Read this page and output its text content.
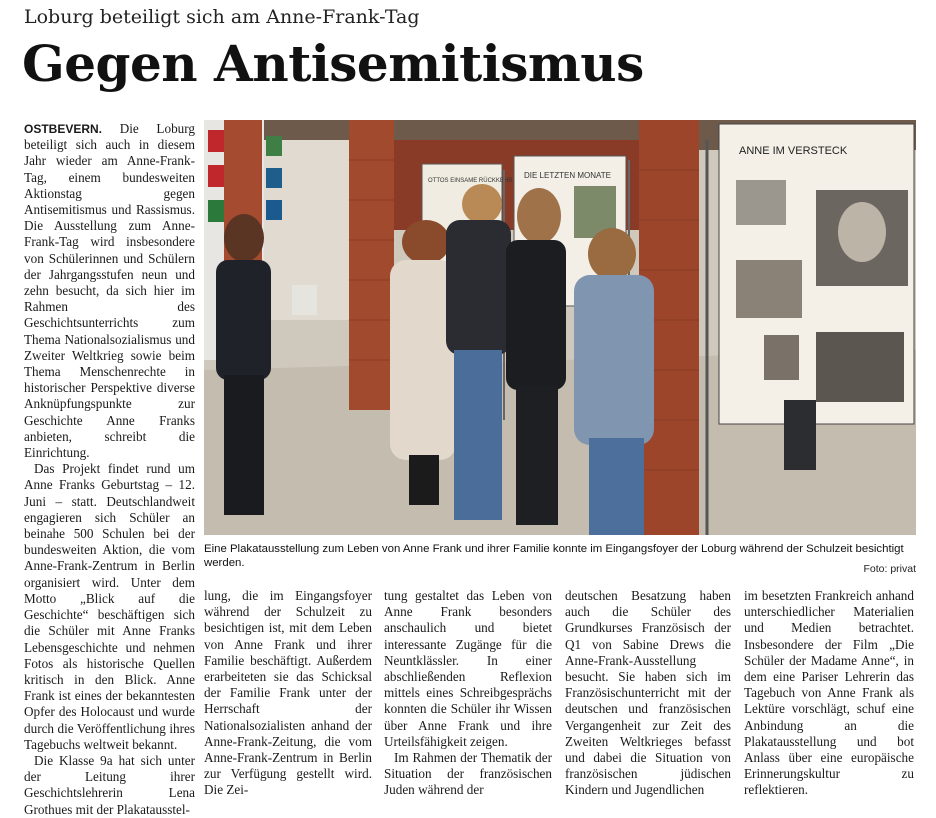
Loburg beteiligt sich am Anne-Frank-Tag
Gegen Antisemitismus

OSTBEVERN. Die Loburg beteiligt sich auch in diesem Jahr wieder am Anne-Frank-Tag, einem bundesweiten Aktionstag gegen Antisemitismus und Rassismus. Die Ausstellung zum Anne-Frank-Tag wird insbesondere von Schülerinnen und Schülern der Jahrgangsstufen neun und zehn besucht, da sich hier im Rahmen des Geschichtsunterrichts zum Thema Nationalsozialismus und Zweiter Weltkrieg sowie beim Thema Menschenrechte in historischer Perspektive diverse Anknüpfungspunkte zur Geschichte Anne Franks anbieten, schreibt die Einrichtung.

Das Projekt findet rund um Anne Franks Geburtstag – 12. Juni – statt. Deutschlandweit engagieren sich Schüler an beinahe 500 Schulen bei der bundesweiten Aktion, die vom Anne-Frank-Zentrum in Berlin organisiert wird. Unter dem Motto „Blick auf die Geschichte“ beschäftigen sich die Schüler mit Anne Franks Lebensgeschichte und nehmen Fotos als historische Quellen kritisch in den Blick. Anne Frank ist eines der bekanntesten Opfer des Holocaust und wurde durch die Veröffentlichung ihres Tagebuchs weltweit bekannt.

Die Klasse 9a hat sich unter der Leitung ihrer Geschichtslehrerin Lena Grothues mit der Plakatausstel-

OTTOS EINSAME RÜCKKEHR
DIE LETZTEN MONATE
ANNE IM VERSTECK
Eine Plakatausstellung zum Leben von Anne Frank und ihrer Familie konnte im Eingangsfoyer der Loburg während der Schulzeit besichtigt werden.
Foto: privat

lung, die im Eingangsfoyer während der Schulzeit zu besichtigen ist, mit dem Leben von Anne Frank und ihrer Familie beschäftigt. Außerdem erarbeiteten sie das Schicksal der Familie Frank unter der Herrschaft der Nationalsozialisten anhand der Anne-Frank-Zeitung, die vom Anne-Frank-Zentrum in Berlin zur Verfügung gestellt wird. Die Zei-

tung gestaltet das Leben von Anne Frank besonders anschaulich und bietet interessante Zugänge für die Neuntklässler. In einer abschließenden Reflexion mittels eines Schreibgesprächs konnten die Schüler ihr Wissen über Anne Frank und ihre Urteilsfähigkeit zeigen.

Im Rahmen der Thematik der Situation der französischen Juden während der

deutschen Besatzung haben auch die Schüler des Grundkurses Französisch der Q1 von Sabine Drews die Anne-Frank-Ausstellung besucht. Sie haben sich im Französischunterricht mit der deutschen und französischen Vergangenheit zur Zeit des Zweiten Weltkrieges befasst und dabei die Situation von französischen jüdischen Kindern und Jugendlichen

im besetzten Frankreich anhand unterschiedlicher Materialien und Medien betrachtet. Insbesondere der Film „Die Schüler der Madame Anne“, in dem eine Pariser Lehrerin das Tagebuch von Anne Frank als Lektüre vorschlägt, schuf eine Anbindung an die Plakatausstellung und bot Anlass über eine europäische Erinnerungskultur zu reflektieren.
